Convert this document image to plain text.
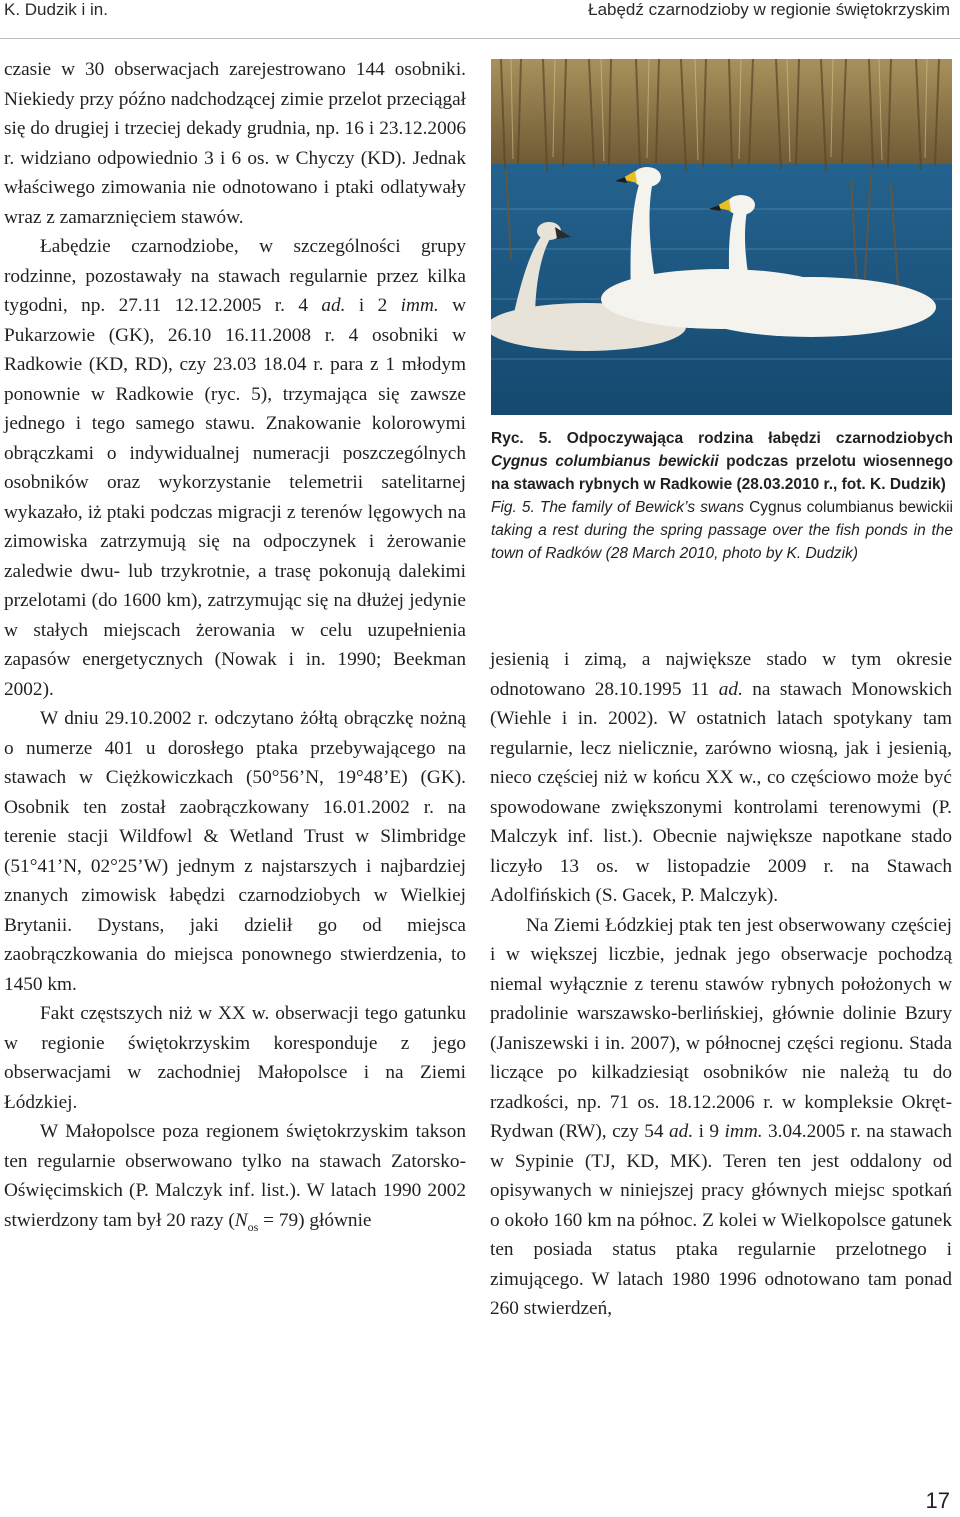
K. Dudzik i in.	Łabędź czarnodzioby w regionie świętokrzyskim

czasie w 30 obserwacjach zarejestrowano 144 osobniki. Niekiedy przy późno nadchodzącej zimie przelot przeciągał się do drugiej i trzeciej dekady grudnia, np. 16 i 23.12.2006 r. widziano odpowiednio 3 i 6 os. w Chyczy (KD). Jednak właściwego zimowania nie odnotowano i ptaki odlatywały wraz z zamarznięciem stawów.

Łabędzie czarnodziobe, w szczególności grupy rodzinne, pozostawały na stawach regularnie przez kilka tygodni, np. 27.11 12.12.2005 r. 4 ad. i 2 imm. w Pukarzowie (GK), 26.10 16.11.2008 r. 4 osobniki w Radkowie (KD, RD), czy 23.03 18.04 r. para z 1 młodym ponownie w Radkowie (ryc. 5), trzymająca się zawsze jednego i tego samego stawu. Znakowanie kolorowymi obrączkami o indywidualnej numeracji poszczególnych osobników oraz wykorzystanie telemetrii satelitarnej wykazało, iż ptaki podczas migracji z terenów lęgowych na zimowiska zatrzymują się na odpoczynek i żerowanie zaledwie dwu- lub trzykrotnie, a trasę pokonują dalekimi przelotami (do 1600 km), zatrzymując się na dłużej jedynie w stałych miejscach żerowania w celu uzupełnienia zapasów energetycznych (Nowak i in. 1990; Beekman 2002).

W dniu 29.10.2002 r. odczytano żółtą obrączkę nożną o numerze 401 u dorosłego ptaka przebywającego na stawach w Ciężkowiczkach (50°56’N, 19°48’E) (GK). Osobnik ten został zaobrączkowany 16.01.2002 r. na terenie stacji Wildfowl & Wetland Trust w Slimbridge (51°41’N, 02°25’W) jednym z najstarszych i najbardziej znanych zimowisk łabędzi czarnodziobych w Wielkiej Brytanii. Dystans, jaki dzielił go od miejsca zaobrączkowania do miejsca ponownego stwierdzenia, to 1450 km.

Fakt częstszych niż w XX w. obserwacji tego gatunku w regionie świętokrzyskim koresponduje z jego obserwacjami w zachodniej Małopolsce i na Ziemi Łódzkiej.

W Małopolsce poza regionem świętokrzyskim takson ten regularnie obserwowano tylko na stawach Zatorsko-Oświęcimskich (P. Malczyk inf. list.). W latach 1990 2002 stwierdzony tam był 20 razy $(N_{os} = 79)$ głównie

Ryc. 5. Odpoczywająca rodzina łabędzi czarnodziobych Cygnus columbianus bewickii podczas przelotu wiosennego na stawach rybnych w Radkowie (28.03.2010 r., fot. K. Dudzik)

Fig. 5. The family of Bewick’s swans Cygnus columbianus bewickii taking a rest during the spring passage over the fish ponds in the town of Radków (28 March 2010, photo by K. Dudzik)

jesienią i zimą, a największe stado w tym okresie odnotowano 28.10.1995 11 ad. na stawach Monowskich (Wiehle i in. 2002). W ostatnich latach spotykany tam regularnie, lecz nielicznie, zarówno wiosną, jak i jesienią, nieco częściej niż w końcu XX w., co częściowo może być spowodowane zwiększonymi kontrolami terenowymi (P. Malczyk inf. list.). Obecnie największe napotkane stado liczyło 13 os. w listopadzie 2009 r. na Stawach Adolfińskich (S. Gacek, P. Malczyk).

Na Ziemi Łódzkiej ptak ten jest obserwowany częściej i w większej liczbie, jednak jego obserwacje pochodzą niemal wyłącznie z terenu stawów rybnych położonych w pradolinie warszawsko-berlińskiej, głównie dolinie Bzury (Janiszewski i in. 2007), w północnej części regionu. Stada liczące po kilkadziesiąt osobników nie należą tu do rzadkości, np. 71 os. 18.12.2006 r. w kompleksie Okręt-Rydwan (RW), czy 54 ad. i 9 imm. 3.04.2005 r. na stawach w Sypinie (TJ, KD, MK). Teren ten jest oddalony od opisywanych w niniejszej pracy głównych miejsc spotkań o około 160 km na północ. Z kolei w Wielkopolsce gatunek ten posiada status ptaka regularnie przelotnego i zimującego. W latach 1980 1996 odnotowano tam ponad 260 stwierdzeń,

17
